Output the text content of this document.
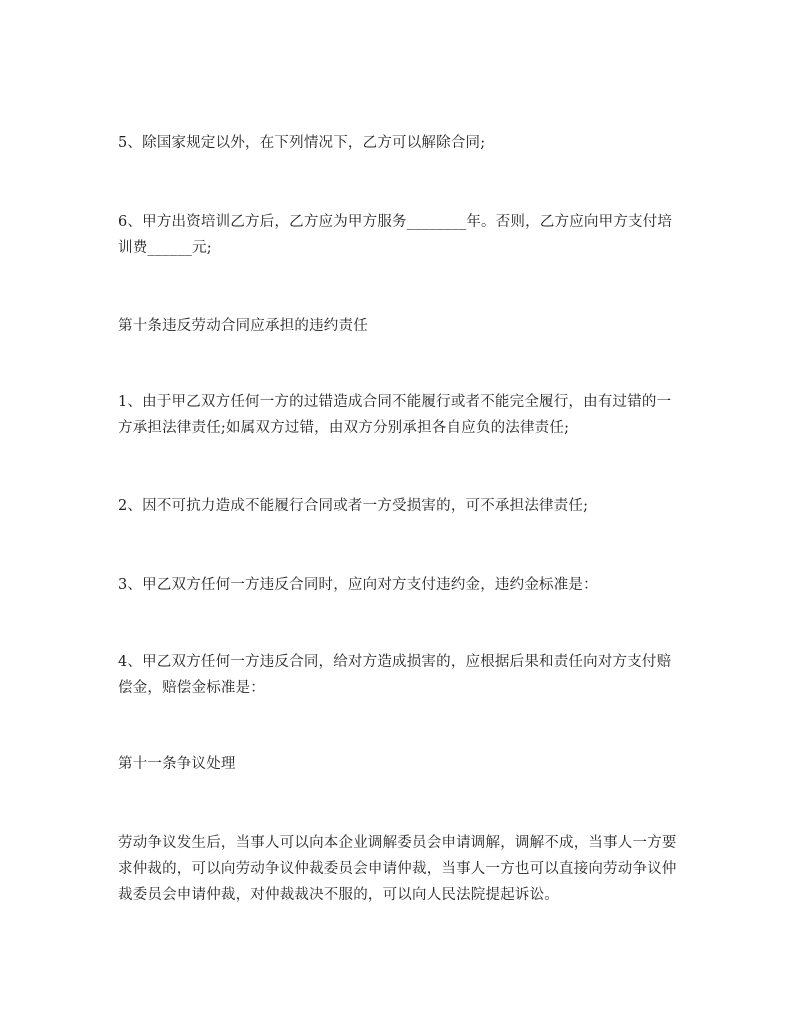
5、除国家规定以外，在下列情况下，乙方可以解除合同;

6、甲方出资培训乙方后，乙方应为甲方服务________年。否则，乙方应向甲方支付培训费______元;

第十条违反劳动合同应承担的违约责任

1、由于甲乙双方任何一方的过错造成合同不能履行或者不能完全履行，由有过错的一方承担法律责任;如属双方过错，由双方分别承担各自应负的法律责任;

2、因不可抗力造成不能履行合同或者一方受损害的，可不承担法律责任;

3、甲乙双方任何一方违反合同时，应向对方支付违约金，违约金标准是：

4、甲乙双方任何一方违反合同，给对方造成损害的，应根据后果和责任向对方支付赔偿金，赔偿金标准是：

第十一条争议处理

劳动争议发生后，当事人可以向本企业调解委员会申请调解，调解不成，当事人一方要求仲裁的，可以向劳动争议仲裁委员会申请仲裁，当事人一方也可以直接向劳动争议仲裁委员会申请仲裁，对仲裁裁决不服的，可以向人民法院提起诉讼。
